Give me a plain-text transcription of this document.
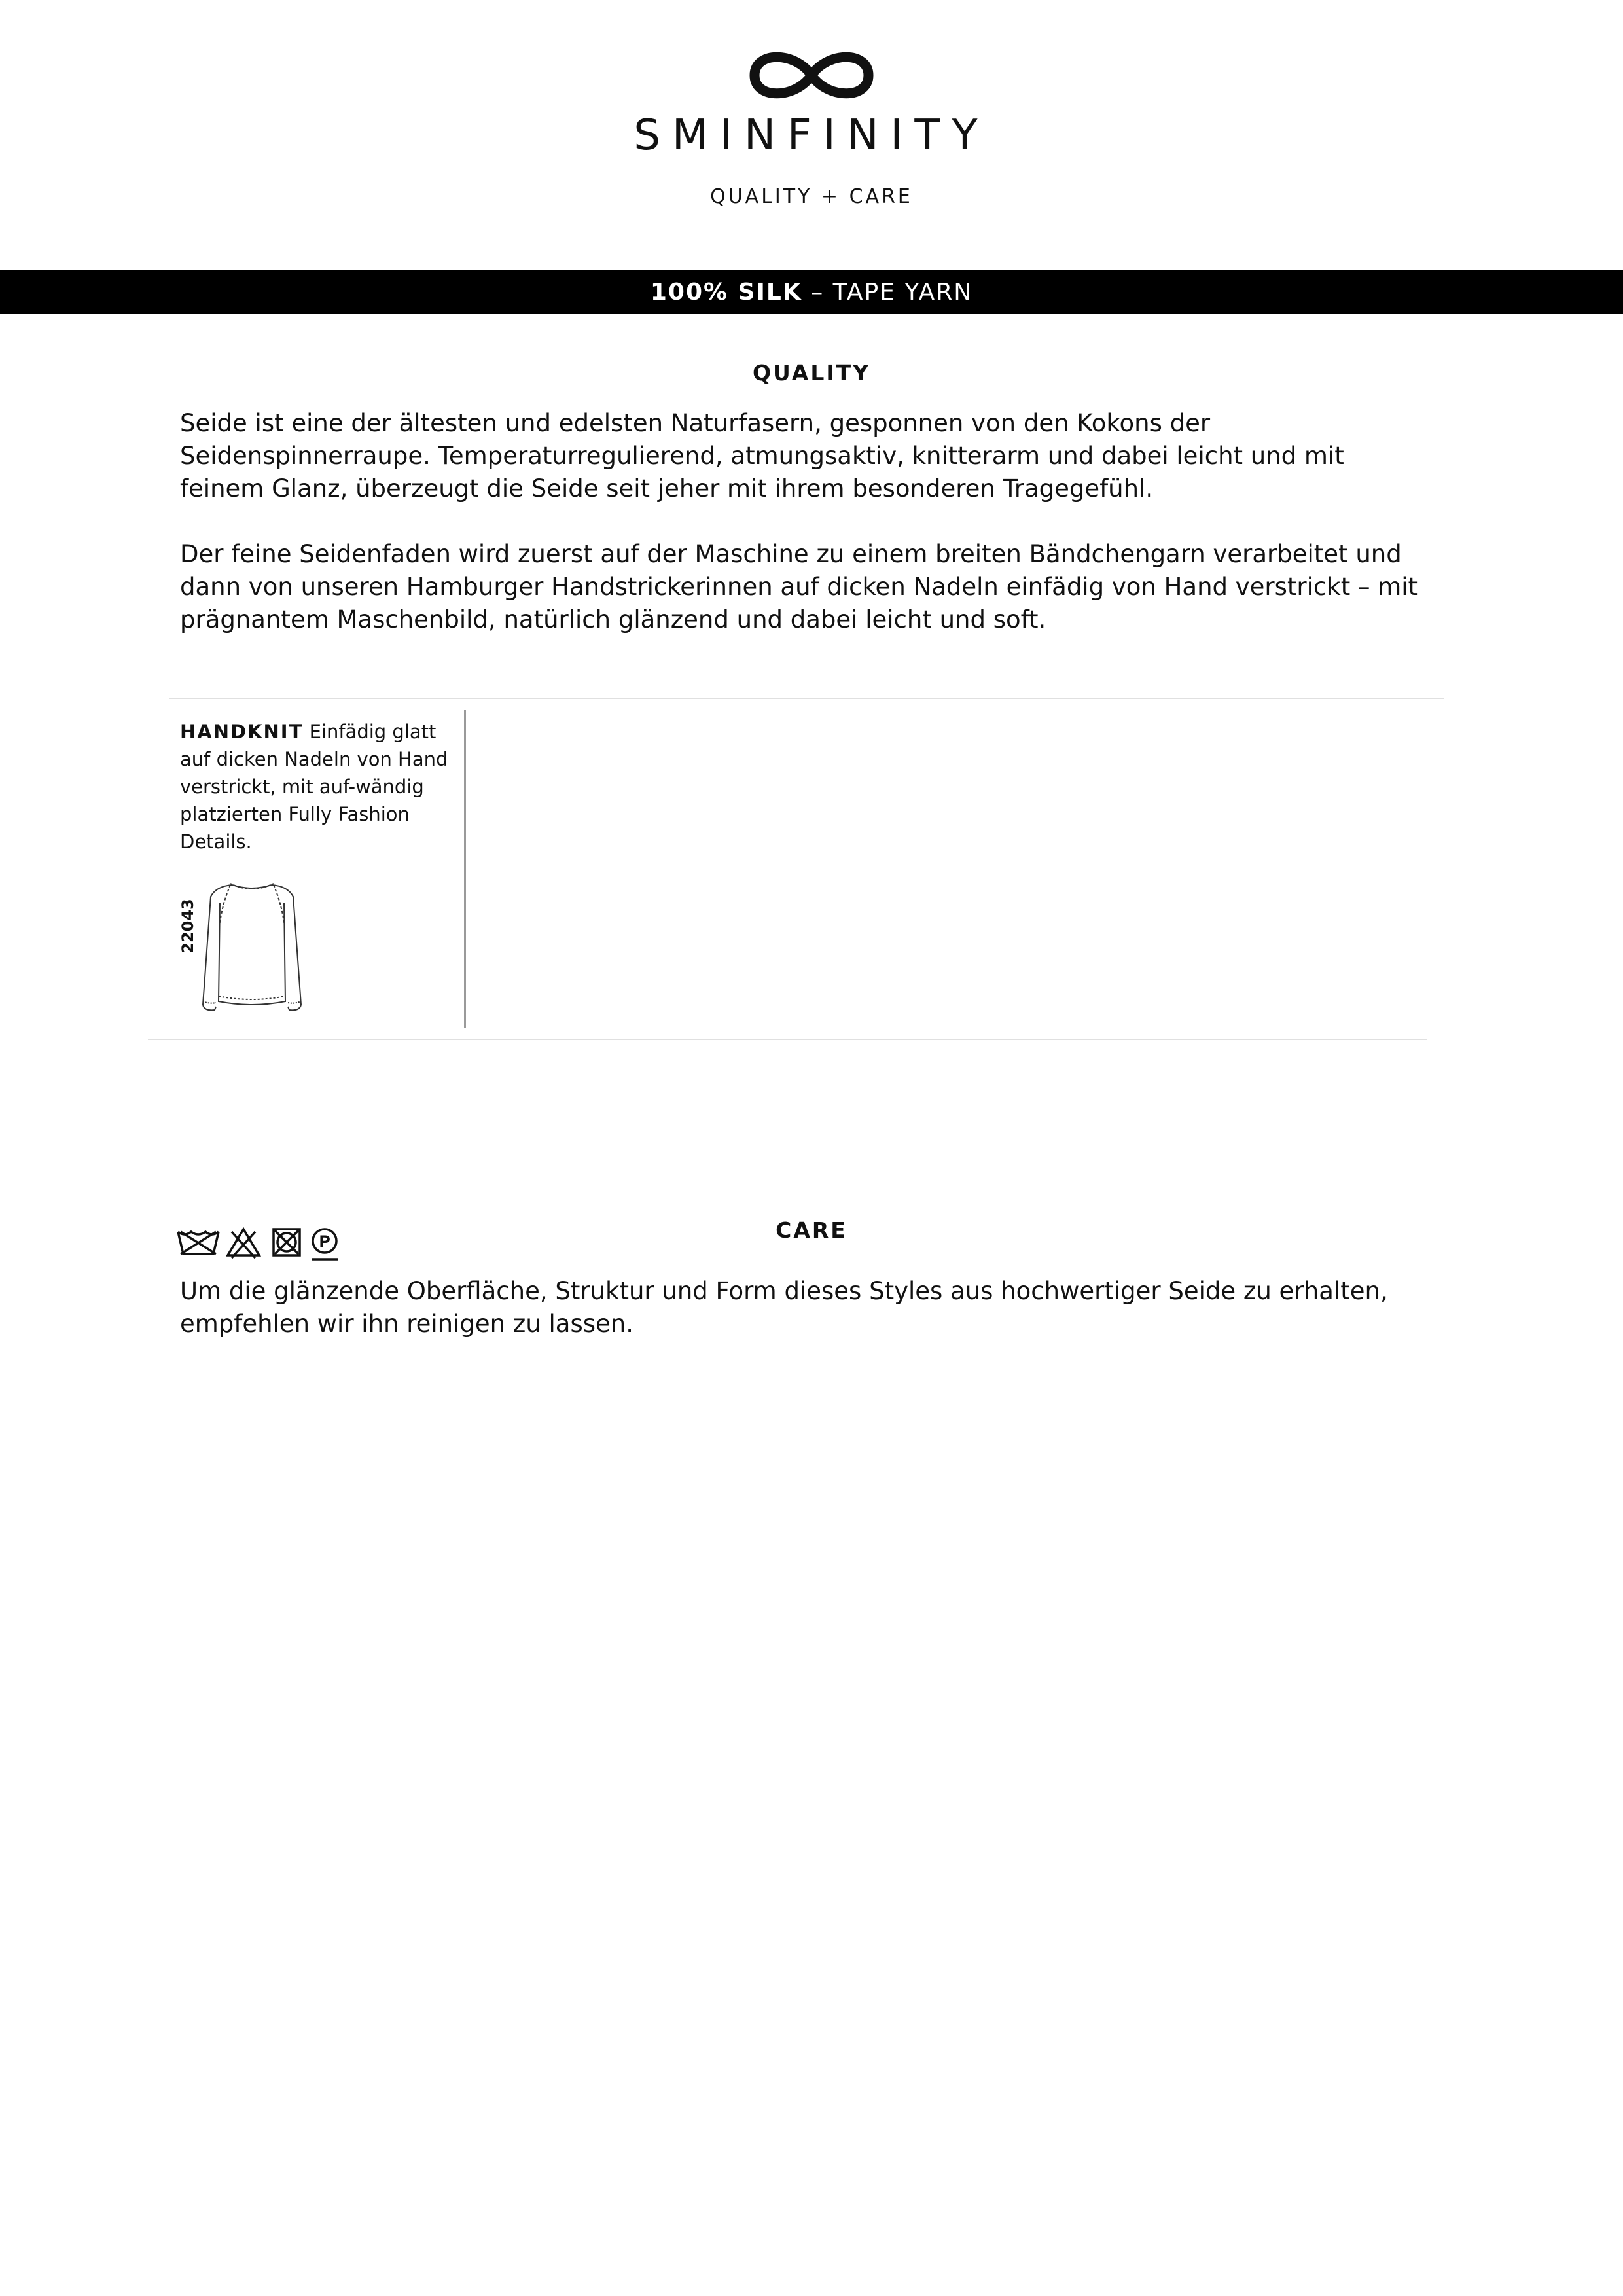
SMINFINITY
QUALITY + CARE
100% SILK – TAPE YARN
QUALITY
Seide ist eine der ältesten und edelsten Naturfasern, gesponnen von den Kokons der Seidenspinnerraupe. Temperaturregulierend, atmungsaktiv, knitterarm und dabei leicht und mit feinem Glanz, überzeugt die Seide seit jeher mit ihrem besonderen Tragegefühl.
Der feine Seidenfaden wird zuerst auf der Maschine zu einem breiten Bändchengarn verarbeitet und dann von unseren Hamburger Handstrickerinnen auf dicken Nadeln einfädig von Hand verstrickt – mit prägnantem Maschenbild, natürlich glänzend und dabei leicht und soft.
HANDKNIT Einfädig glatt auf dicken Nadeln von Hand verstrickt, mit auf-wändig platzierten Fully Fashion Details.
22043
CARE
P
Um die glänzende Oberfläche, Struktur und Form dieses Styles aus hochwertiger Seide zu erhalten, empfehlen wir ihn reinigen zu lassen.
